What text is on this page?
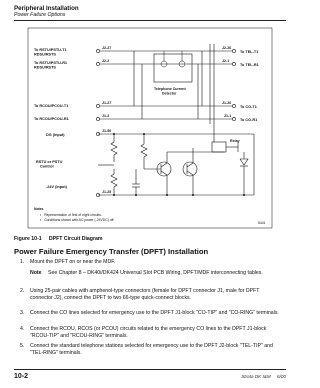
Peripheral Installation
Power Failure Options
To RSTU/PSTU-T1 RDSU/RSTS
To RSTU/PSTU-R1 RDSU/RSTS
To RCOU/PCOU-T1
To RCOU/PCOU-R1
DG (Input)
RSTU or PSTU Control
-24V (Input)
J2-27
J2-2
J1-27
J1-2
J1-50
J1-25
J2-26
J2-1
J1-26
J1-1
To TEL-T1
To TEL-R1
To CO-T1
To CO-R1
Telephone Current Detector
Relay
Notes
• Representation of first of eight circuits.
• Conditions shown with AC power (-24VDC) off.
5441
Figure 10-1     DPFT Circuit Diagram
Power Failure Emergency Transfer (DPFT) Installation
1. Mount the DPFT on or near the MDF.
Note See Chapter 8 – DK40i/DK424 Universal Slot PCB Wiring, DPFT/MDF interconnecting tables.
2. Using 25-pair cables with amphenol-type connectors (female for DPFT connector J1, male for DPFT connector J2), connect the DPFT to two 66-type quick-connect blocks.
3. Connect the CO lines selected for emergency use to the DPFT J1-block "CO-TIP" and "CO-RING" terminals.
4. Connect the RCOU, RCOS (or PCOU) circuits related to the emergency CO lines to the DPFT J1-block "RCOU-TIP" and "RCOU-RING" terminals.
5. Connect the standard telephone stations selected for emergency use to the DPFT J2-block "TEL-TIP" and "TEL-RING" terminals.
10-2	Strata DK I&M     6/00
